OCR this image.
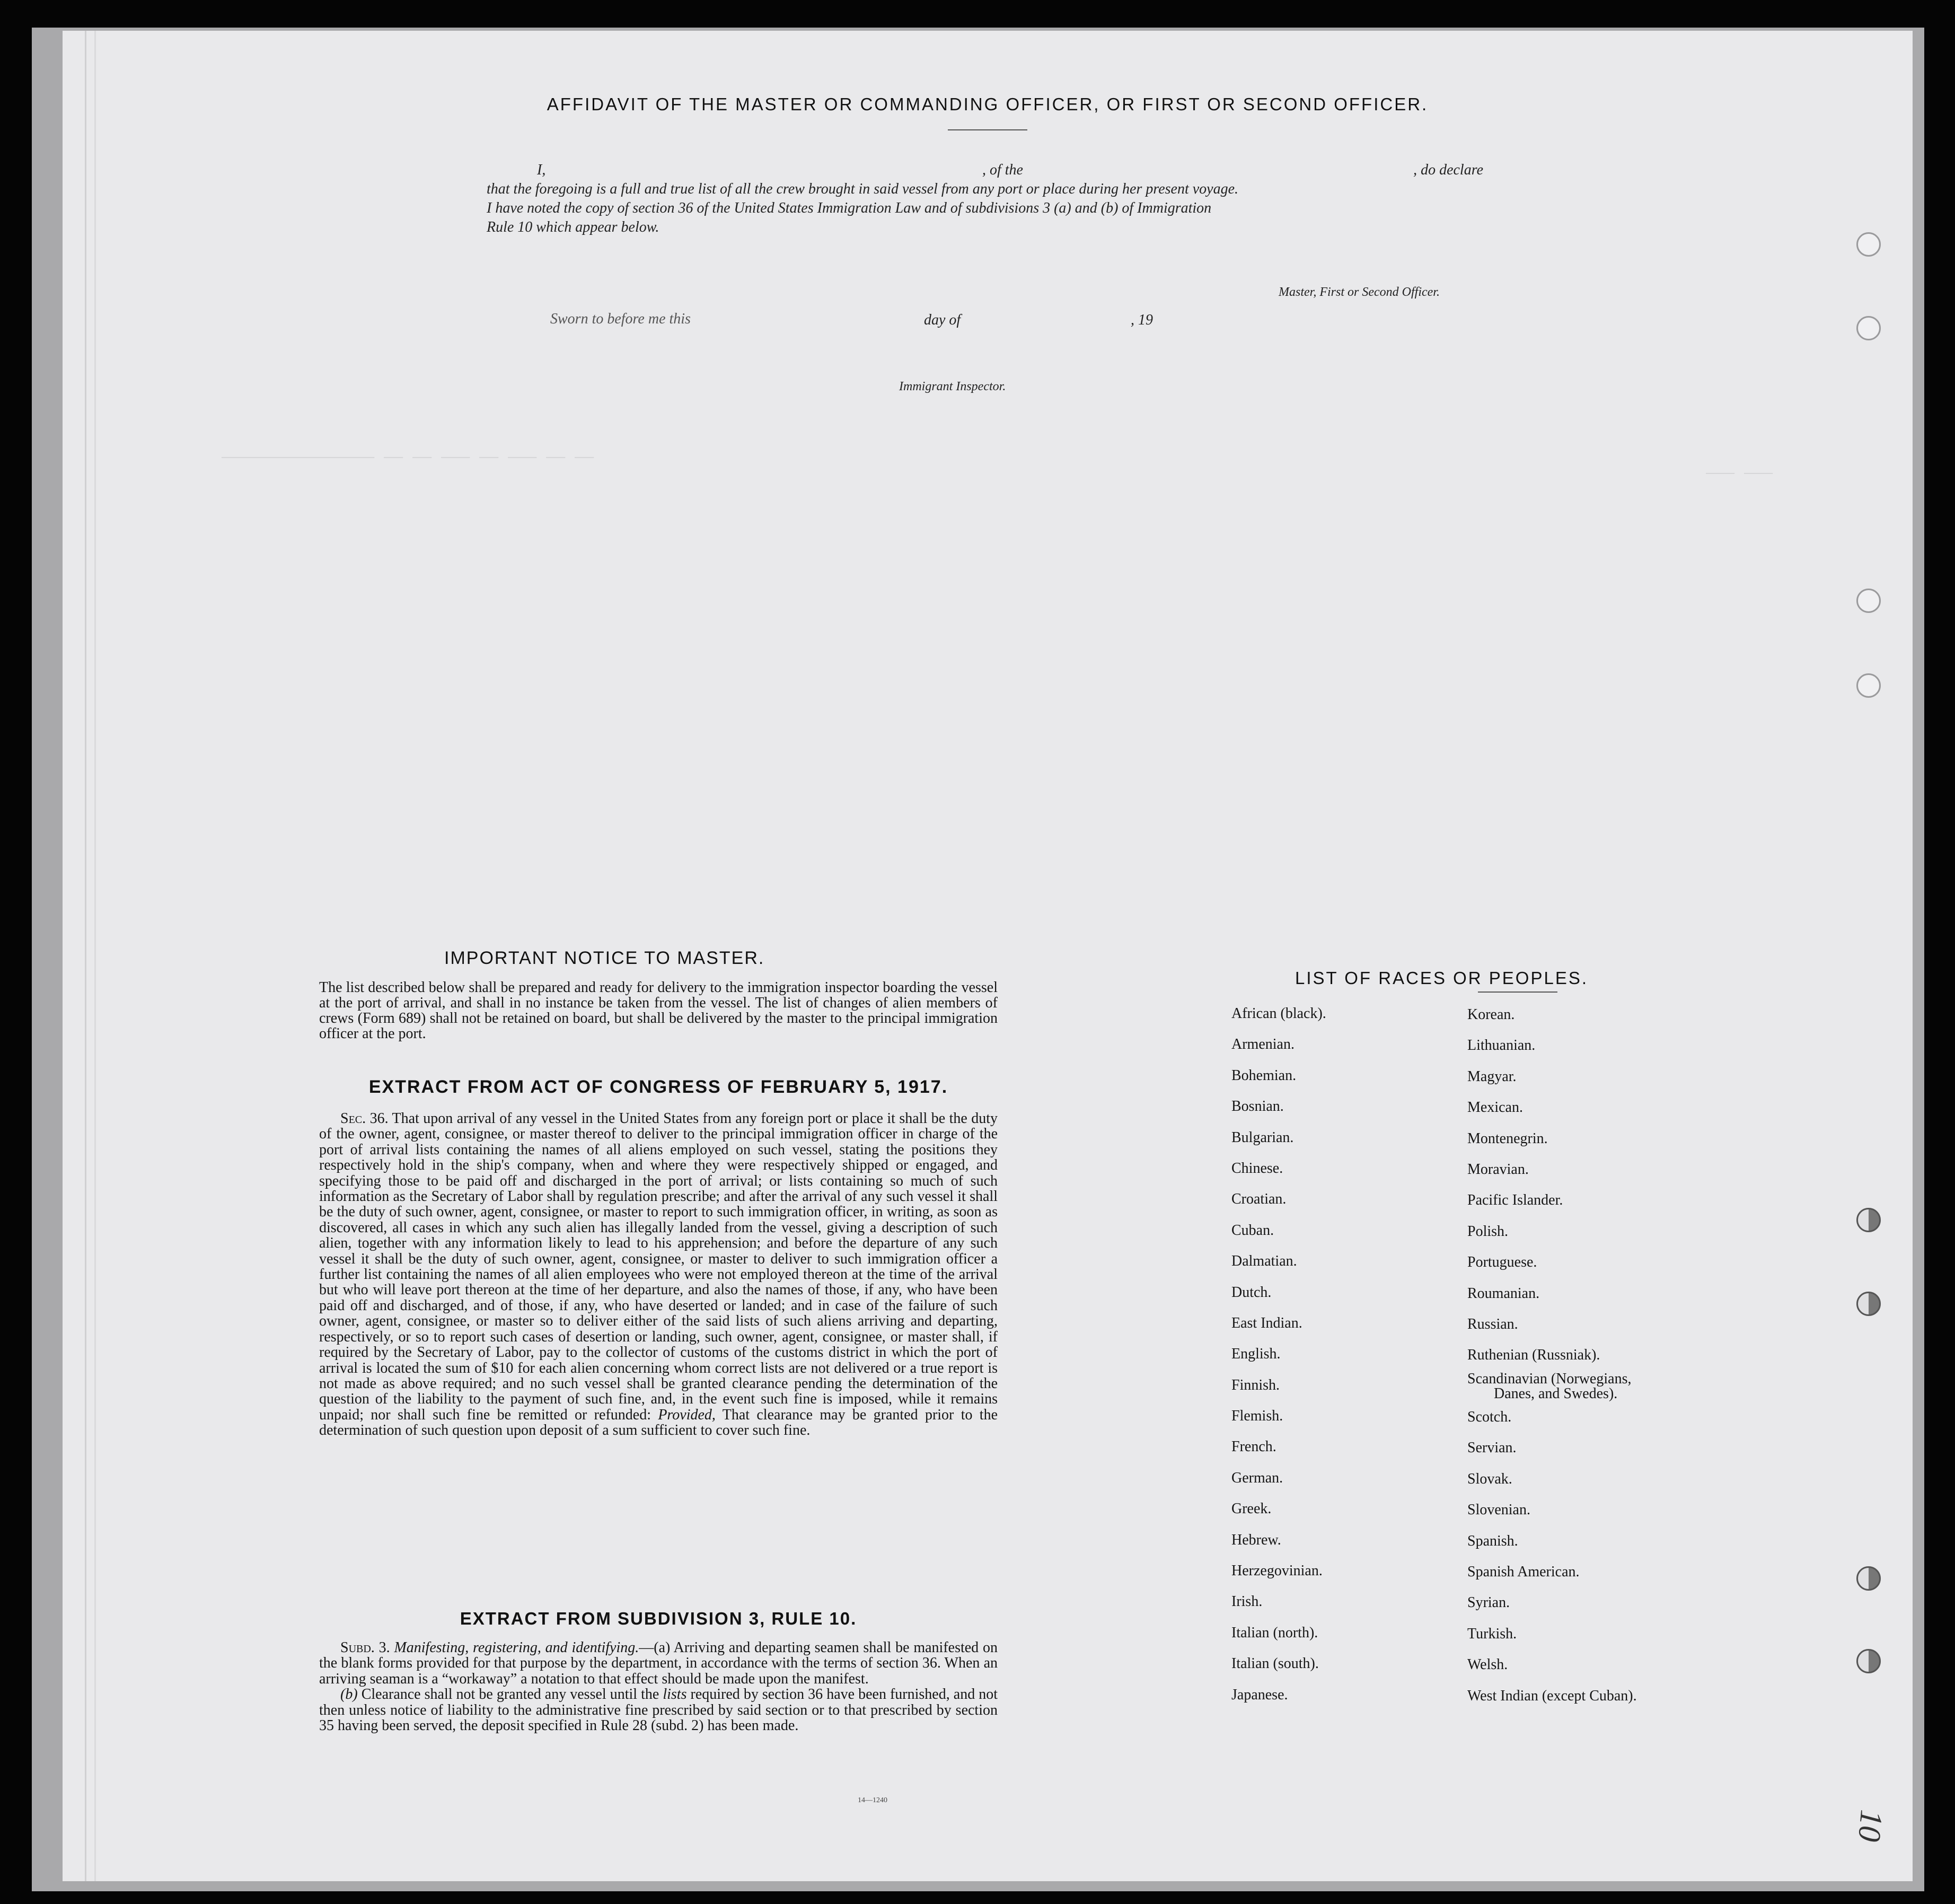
──────────────── ── ── ─── ── ─── ── ──
─── ───
AFFIDAVIT OF THE MASTER OR COMMANDING OFFICER, OR FIRST OR SECOND OFFICER.
I,	, of the	, do declare
that the foregoing is a full and true list of all the crew brought in said vessel from any port or place during her present voyage.
I have noted the copy of section 36 of the United States Immigration Law and of subdivisions 3 (a) and (b) of Immigration
Rule 10 which appear below.
Master, First or Second Officer.
Sworn to before me this	day of	, 19
Immigrant Inspector.
IMPORTANT NOTICE TO MASTER.
The list described below shall be prepared and ready for delivery to the immigration inspector boarding the vessel at the port of arrival, and shall in no instance be taken from the vessel. The list of changes of alien members of crews (Form 689) shall not be retained on board, but shall be delivered by the master to the principal immigration officer at the port.
EXTRACT FROM ACT OF CONGRESS OF FEBRUARY 5, 1917.
Sec. 36. That upon arrival of any vessel in the United States from any foreign port or place it shall be the duty of the owner, agent, consignee, or master thereof to deliver to the principal immigration officer in charge of the port of arrival lists containing the names of all aliens employed on such vessel, stating the positions they respectively hold in the ship's company, when and where they were respectively shipped or engaged, and specifying those to be paid off and discharged in the port of arrival; or lists containing so much of such information as the Secretary of Labor shall by regulation prescribe; and after the arrival of any such vessel it shall be the duty of such owner, agent, consignee, or master to report to such immigration officer, in writing, as soon as discovered, all cases in which any such alien has illegally landed from the vessel, giving a description of such alien, together with any information likely to lead to his apprehension; and before the departure of any such vessel it shall be the duty of such owner, agent, consignee, or master to deliver to such immigration officer a further list containing the names of all alien employees who were not employed thereon at the time of the arrival but who will leave port thereon at the time of her departure, and also the names of those, if any, who have been paid off and discharged, and of those, if any, who have deserted or landed; and in case of the failure of such owner, agent, consignee, or master so to deliver either of the said lists of such aliens arriving and departing, respectively, or so to report such cases of desertion or landing, such owner, agent, consignee, or master shall, if required by the Secretary of Labor, pay to the collector of customs of the customs district in which the port of arrival is located the sum of $10 for each alien concerning whom correct lists are not delivered or a true report is not made as above required; and no such vessel shall be granted clearance pending the determination of the question of the liability to the payment of such fine, and, in the event such fine is imposed, while it remains unpaid; nor shall such fine be remitted or refunded: Provided, That clearance may be granted prior to the determination of such question upon deposit of a sum sufficient to cover such fine.
EXTRACT FROM SUBDIVISION 3, RULE 10.

Subd. 3. Manifesting, registering, and identifying.—(a) Arriving and departing seamen shall be manifested on the blank forms provided for that purpose by the department, in accordance with the terms of section 36. When an arriving seaman is a “workaway” a notation to that effect should be made upon the manifest.

(b) Clearance shall not be granted any vessel until the lists required by section 36 have been furnished, and not then unless notice of liability to the administrative fine prescribed by said section or to that prescribed by section 35 having been served, the deposit specified in Rule 28 (subd. 2) has been made.

14—1240
LIST OF RACES OR PEOPLES.
African (black).
Armenian.
Bohemian.
Bosnian.
Bulgarian.
Chinese.
Croatian.
Cuban.
Dalmatian.
Dutch.
East Indian.
English.
Finnish.
Flemish.
French.
German.
Greek.
Hebrew.
Herzegovinian.
Irish.
Italian (north).
Italian (south).
Japanese.
Korean.
Lithuanian.
Magyar.
Mexican.
Montenegrin.
Moravian.
Pacific Islander.
Polish.
Portuguese.
Roumanian.
Russian.
Ruthenian (Russniak).
Scandinavian (Norwegians,
Danes, and Swedes).
Scotch.
Servian.
Slovak.
Slovenian.
Spanish.
Spanish American.
Syrian.
Turkish.
Welsh.
West Indian (except Cuban).
10
